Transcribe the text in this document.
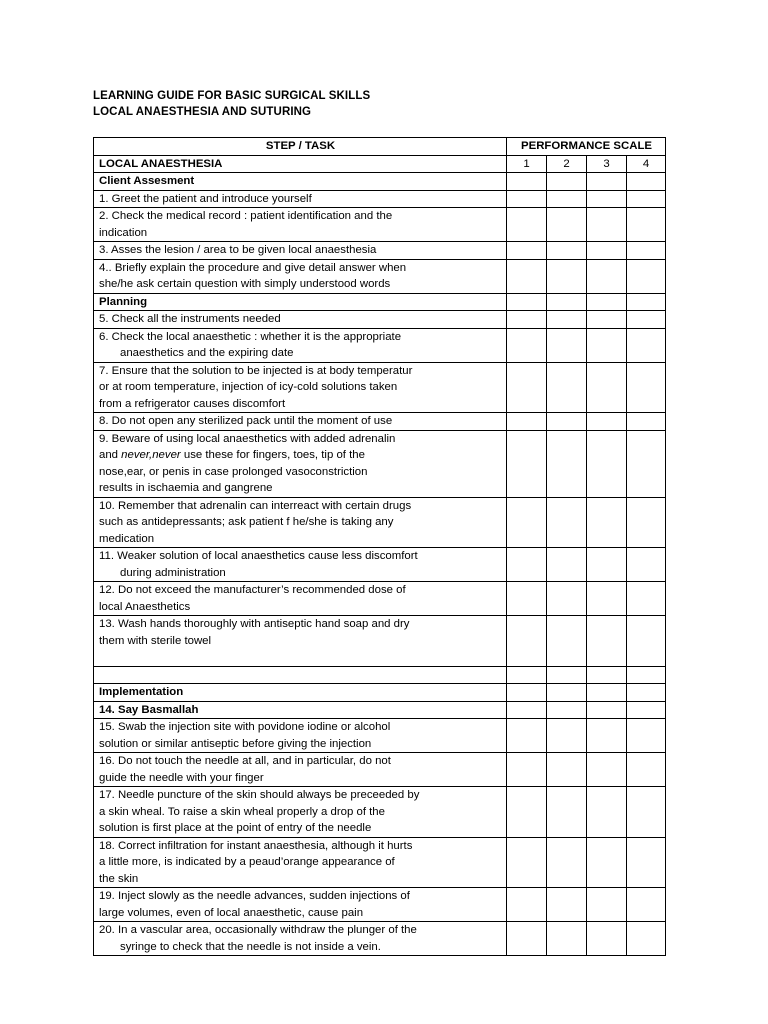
LEARNING GUIDE FOR BASIC SURGICAL SKILLS
LOCAL ANAESTHESIA AND SUTURING
STEP / TASK	PERFORMANCE SCALE			
LOCAL ANAESTHESIA	1	2	3	4

Client Assesment				

1. Greet the patient and introduce yourself				

2. Check the medical record : patient identification and the
indication				

3. Asses the lesion / area to be given local anaesthesia				

4.. Briefly explain the procedure and give detail answer when
she/he ask certain question with simply understood words				

Planning				

5. Check all the instruments needed				

6. Check the local anaesthetic : whether it is the appropriate
anaesthetics and the expiring date				

7. Ensure that the solution to be injected is at body temperatur
or at room temperature, injection of icy-cold solutions taken
from a refrigerator causes discomfort				

8. Do not open any sterilized pack until the moment of use				

9. Beware of using local anaesthetics with added adrenalin
and never,never use these for fingers, toes, tip of the
nose,ear, or penis in case prolonged vasoconstriction
results in ischaemia and gangrene				

10. Remember that adrenalin can interreact with certain drugs
such as antidepressants; ask patient f he/she is taking any
medication				

11. Weaker solution of local anaesthetics cause less discomfort
during administration				

12. Do not exceed the manufacturer’s recommended dose of
local Anaesthetics				

13. Wash hands thoroughly with antiseptic hand soap and dry
them with sterile towel				

Implementation				

14. Say Basmallah				

15. Swab the injection site with povidone iodine or alcohol
solution or similar antiseptic before giving the injection				

16. Do not touch the needle at all, and in particular, do not
guide the needle with your finger				

17. Needle puncture of the skin should always be preceeded by
a skin wheal. To raise a skin wheal properly a drop of the
solution is first place at the point of entry of the needle				

18. Correct infiltration for instant anaesthesia, although it hurts
a little more, is indicated by a peaud’orange appearance of
the skin				

19. Inject slowly as the needle advances, sudden injections of
large volumes, even of local anaesthetic, cause pain				

20. In a vascular area, occasionally withdraw the plunger of the
syringe to check that the needle is not inside a vein.				
